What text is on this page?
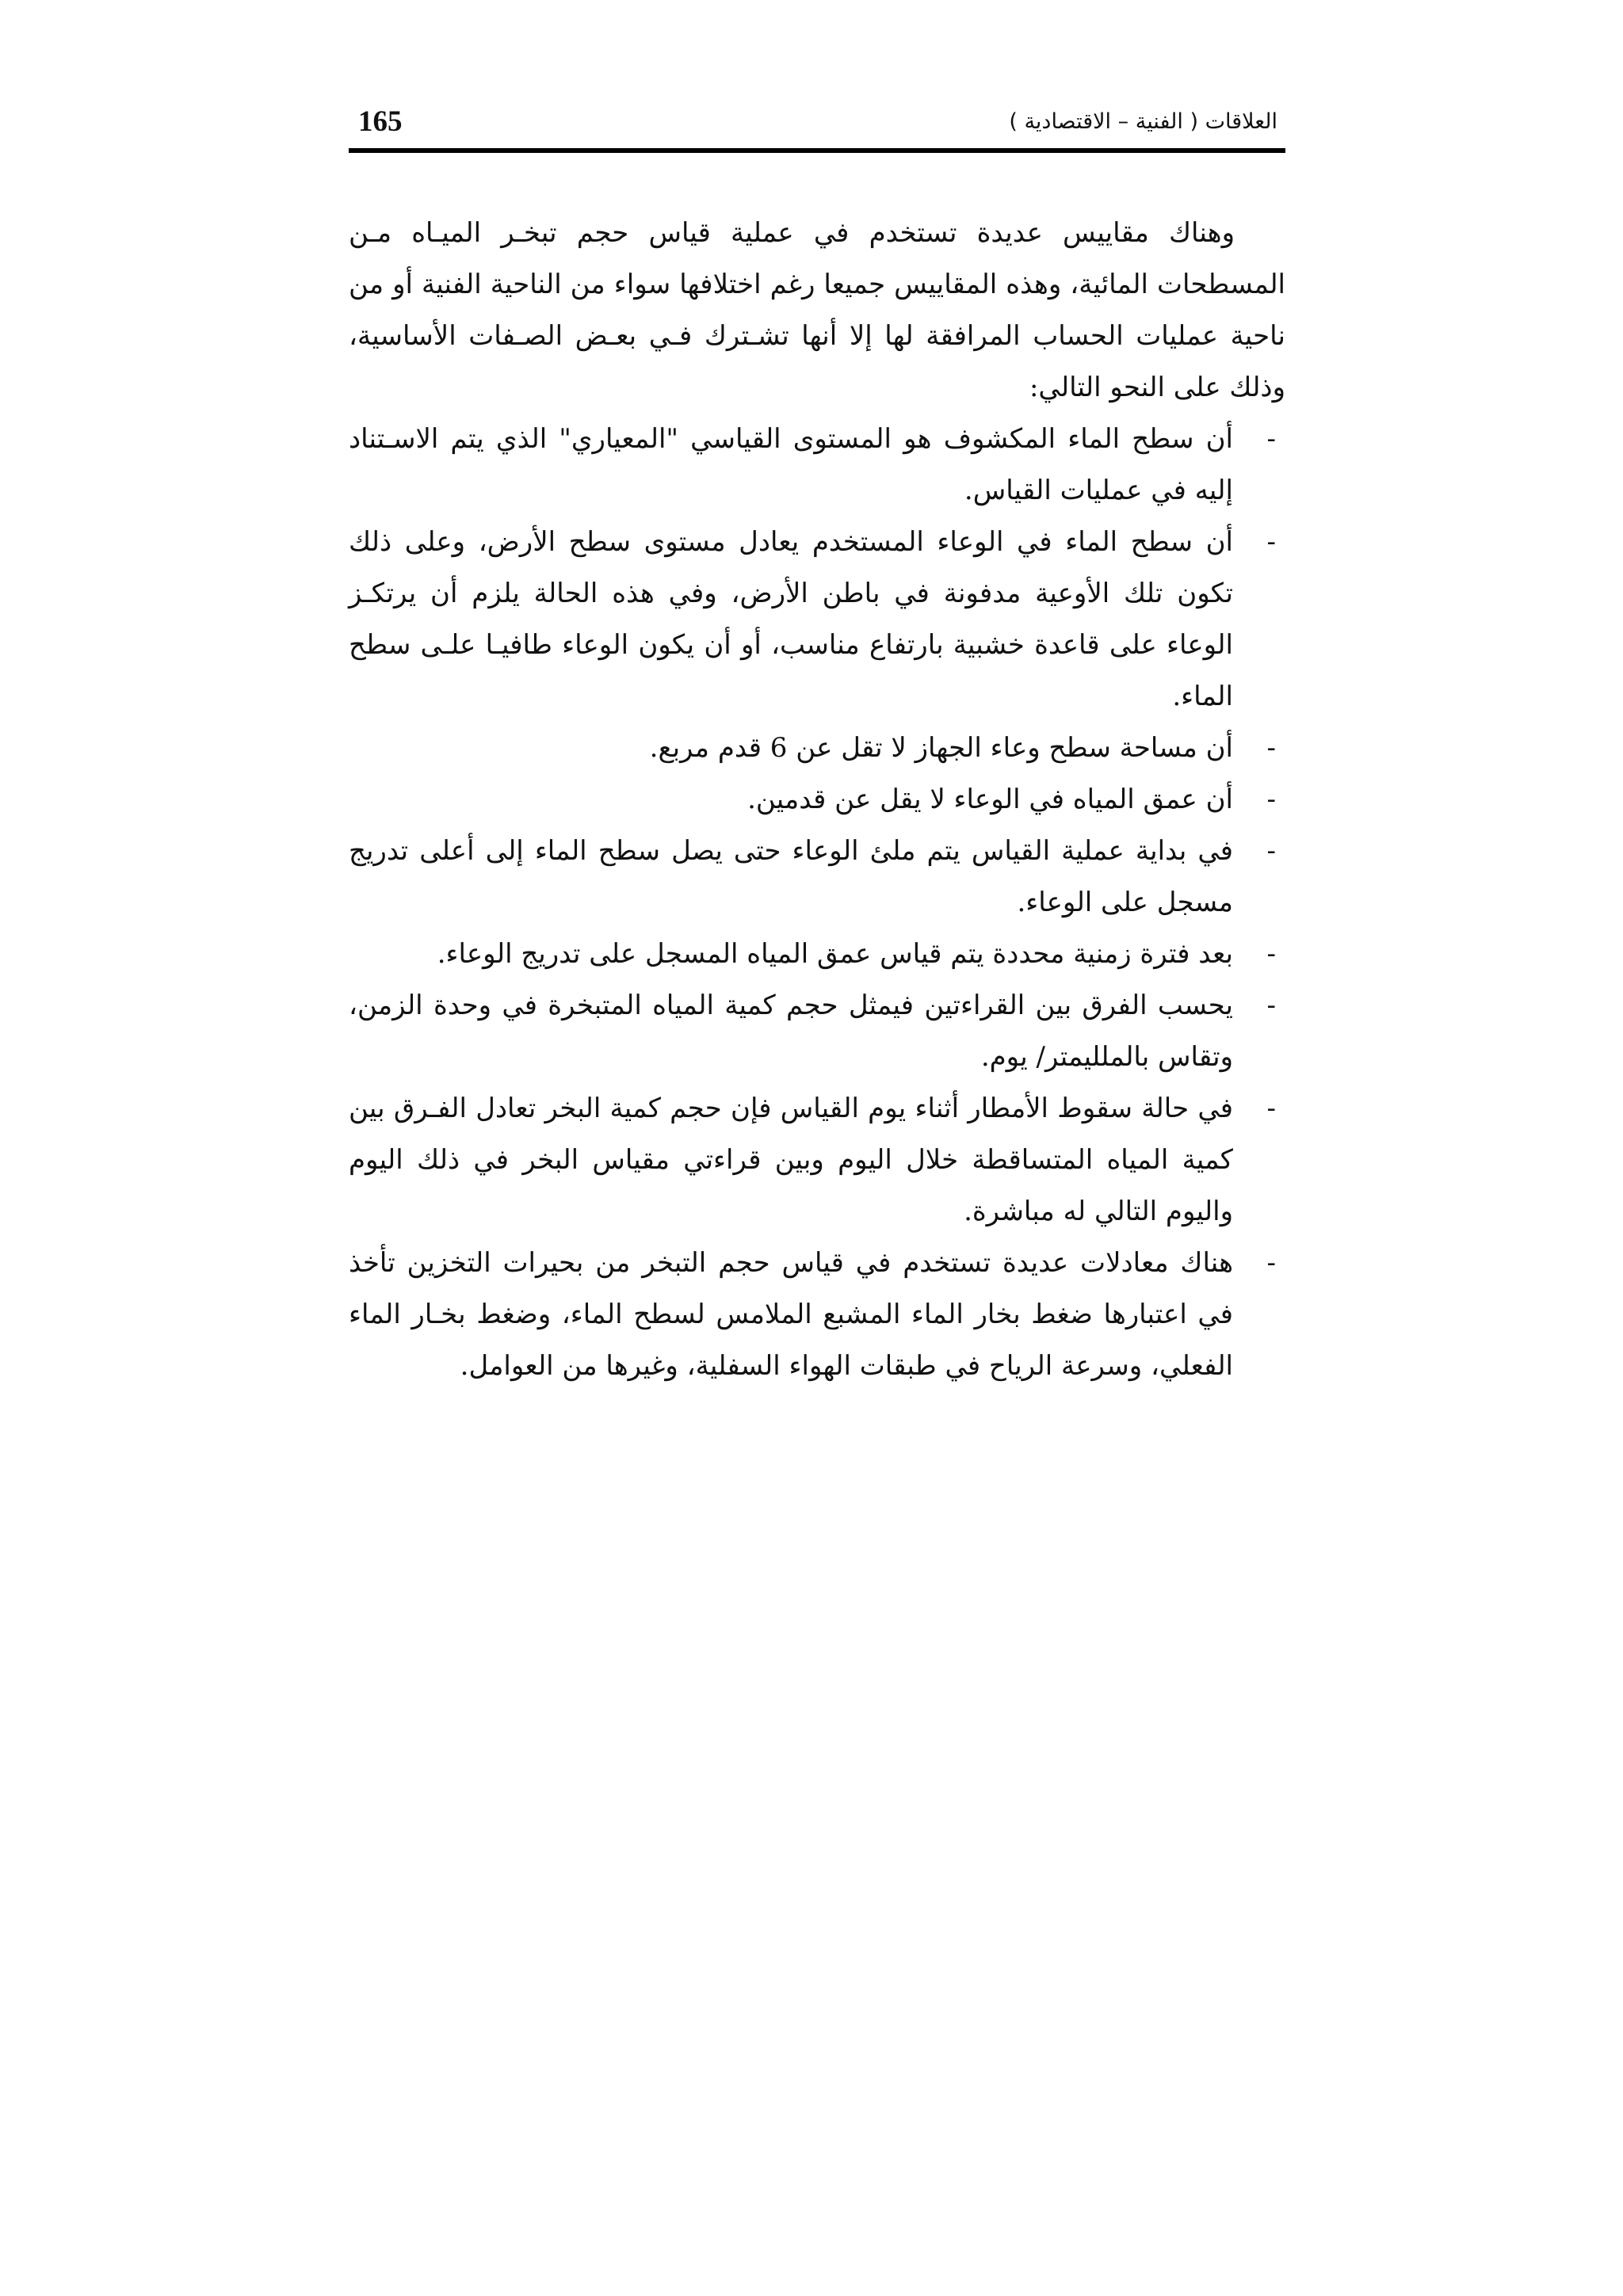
165	العلاقات ( الفنية – الاقتصادية )

وهناك مقاييس عديدة تستخدم في عملية قياس حجم تبخـر الميـاه مـن المسطحات المائية، وهذه المقاييس جميعا رغم اختلافها سواء من الناحية الفنية أو من ناحية عمليات الحساب المرافقة لها إلا أنها تشـترك فـي بعـض الصـفات الأساسية، وذلك على النحو التالي:

-
أن سطح الماء المكشوف هو المستوى القياسي "المعياري" الذي يتم الاسـتناد إليه في عمليات القياس.
-
أن سطح الماء في الوعاء المستخدم يعادل مستوى سطح الأرض، وعلى ذلك تكون تلك الأوعية مدفونة في باطن الأرض، وفي هذه الحالة يلزم أن يرتكـز الوعاء على قاعدة خشبية بارتفاع مناسب، أو أن يكون الوعاء طافيـا علـى سطح الماء.
-
أن مساحة سطح وعاء الجهاز لا تقل عن 6 قدم مربع.
-
أن عمق المياه في الوعاء لا يقل عن قدمين.
-
في بداية عملية القياس يتم ملئ الوعاء حتى يصل سطح الماء إلى أعلى تدريج مسجل على الوعاء.
-
بعد فترة زمنية محددة يتم قياس عمق المياه المسجل على تدريج الوعاء.
-
يحسب الفرق بين القراءتين فيمثل حجم كمية المياه المتبخرة في وحدة الزمن، وتقاس بالملليمتر/ يوم.
-
في حالة سقوط الأمطار أثناء يوم القياس فإن حجم كمية البخر تعادل الفـرق بين كمية المياه المتساقطة خلال اليوم وبين قراءتي مقياس البخر في ذلك اليوم واليوم التالي له مباشرة.
-
هناك معادلات عديدة تستخدم في قياس حجم التبخر من بحيرات التخزين تأخذ في اعتبارها ضغط بخار الماء المشبع الملامس لسطح الماء، وضغط بخـار الماء الفعلي، وسرعة الرياح في طبقات الهواء السفلية، وغيرها من العوامل.
